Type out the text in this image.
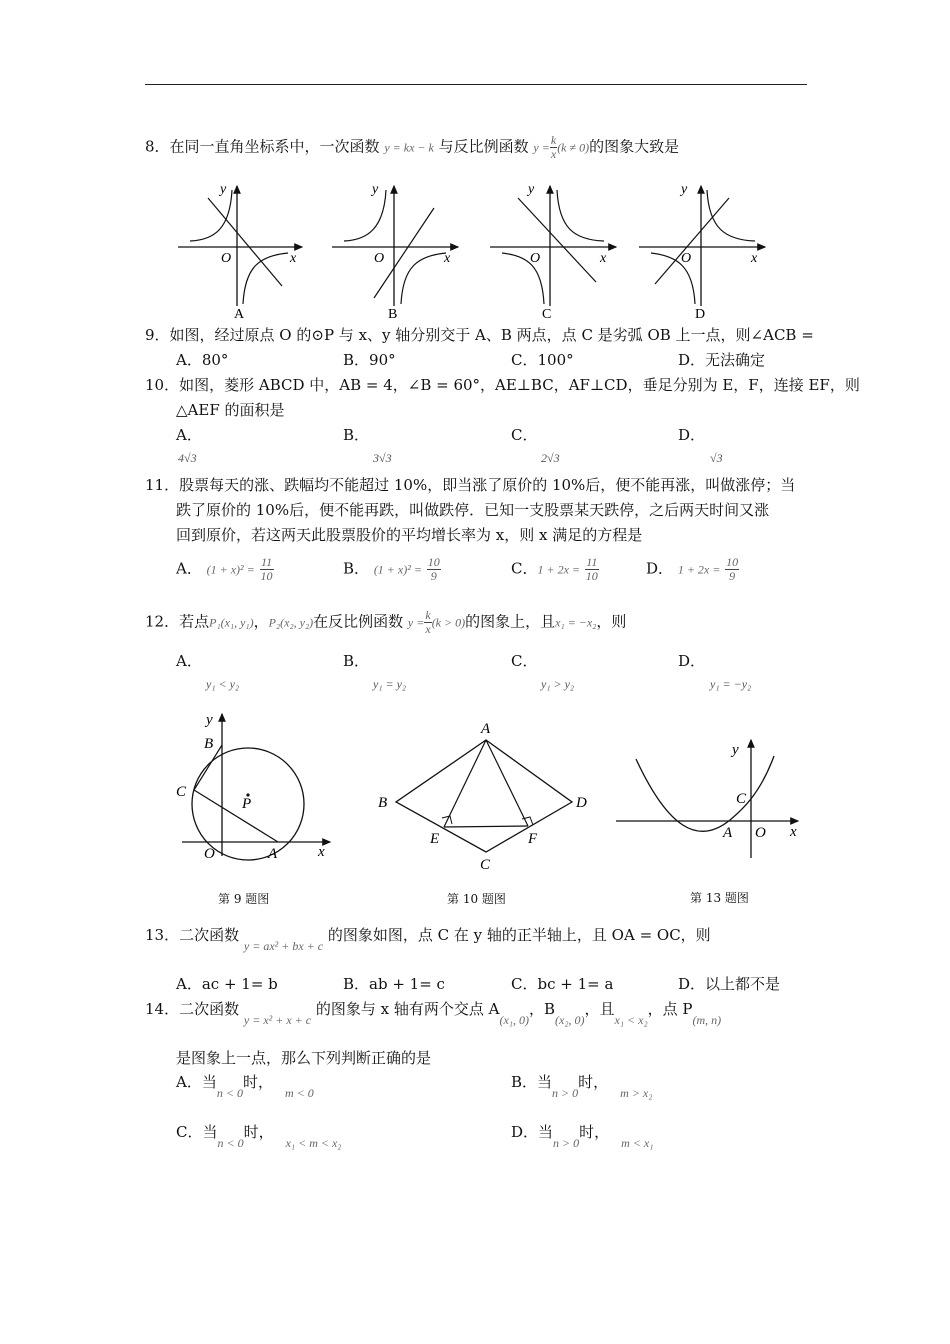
8．在同一直角坐标系中，一次函数 y = kx − k 与反比例函数 $y = \frac{k}{x} (k \ne 0)$的图象大致是
y
x
O
A
y
x
O
B
y
x
O
C
y
x
O
D
9．如图，经过原点 O 的⊙P 与 x、y 轴分别交于 A、B 两点，点 C 是劣弧 OB 上一点，则∠ACB =
A．80°	B．90°	C．100°	D．无法确定
10．如图，菱形 ABCD 中，AB = 4，∠B = 60°，AE⊥BC，AF⊥CD，垂足分别为 E，F，连接 EF，则
△AEF 的面积是
A．
4√3
B．
3√3
C．
2√3
D．
√3
11．股票每天的涨、跌幅均不能超过 10%，即当涨了原价的 10%后，便不能再涨，叫做涨停；当
跌了原价的 10%后，便不能再跌，叫做跌停．已知一支股票某天跌停，之后两天时间又涨
回到原价，若这两天此股票股价的平均增长率为 x，则 x 满足的方程是
A． $(1 + x)^2 = \frac{11}{10}$	B． $(1 + x)^2 = \frac{10}{9}$	C．$1 + 2x = \frac{11}{10}$	D． $1 + 2x = \frac{10}{9}$
12．若点P₁(x₁, y₁)，P₂(x₂, y₂)在反比例函数 $y = \frac{k}{x} (k > 0)$的图象上，且x₁ = −x₂，则
A．
y₁ < y₂
B．
y₁ = y₂
C．
y₁ > y₂
D．
y₁ = −y₂
y
B
C
P
O	A	x
A
B
C
D
E	F
y
C
A O x
第 9 题图	第 10 题图	第 13 题图
13．二次函数 $_{y = ax^2 + bx + c}$ 的图象如图，点 C 在 y 轴的正半轴上，且 OA = OC，则
A．ac + 1= b	B．ab + 1= c	C．bc + 1= a	D．以上都不是
14．二次函数 $_{y = x^2 + x + c}$ 的图象与 x 轴有两个交点 $A_{(x_1, 0)}$，$B_{(x_2, 0)}$，且$_{x_1 < x_2}$，点 $P_{(m, n)}$
是图象上一点，那么下列判断正确的是
A．当$_{n < 0}$时，$_{m < 0}$
B．当$_{n > 0}$时，$_{m > x_2}$
C．当$_{n < 0}$时，$_{x_1 < m < x_2}$
D．当$_{n > 0}$时，$_{m < x_1}$
